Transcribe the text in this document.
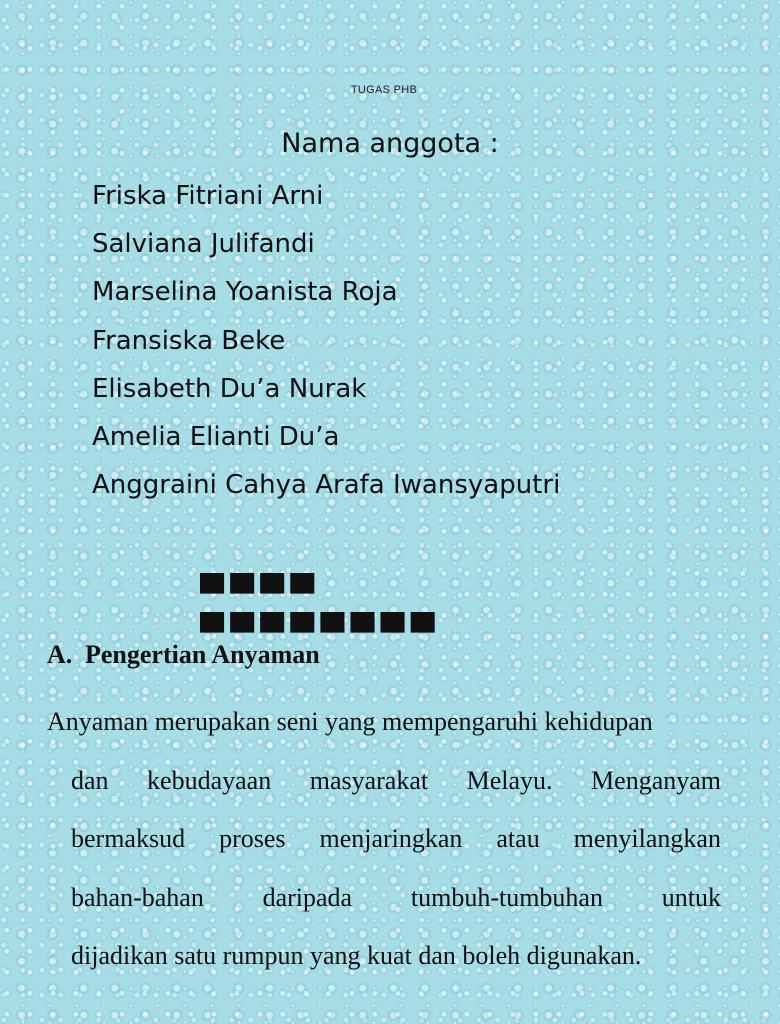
TUGAS PHB
Nama anggota :
Friska Fitriani Arni
Salviana Julifandi
Marselina Yoanista Roja
Fransiska Beke
Elisabeth Du’a Nurak
Amelia Elianti Du’a
Anggraini Cahya Arafa Iwansyaputri
▀▀▀▀ ▀▀▀▀▀▀▀▀
A. Pengertian Anyaman
Anyaman merupakan seni yang mempengaruhi kehidupan
dan kebudayaan masyarakat Melayu. Menganyam
bermaksud proses menjaringkan atau menyilangkan
bahan-bahan daripada tumbuh-tumbuhan untuk
dijadikan satu rumpun yang kuat dan boleh digunakan.
